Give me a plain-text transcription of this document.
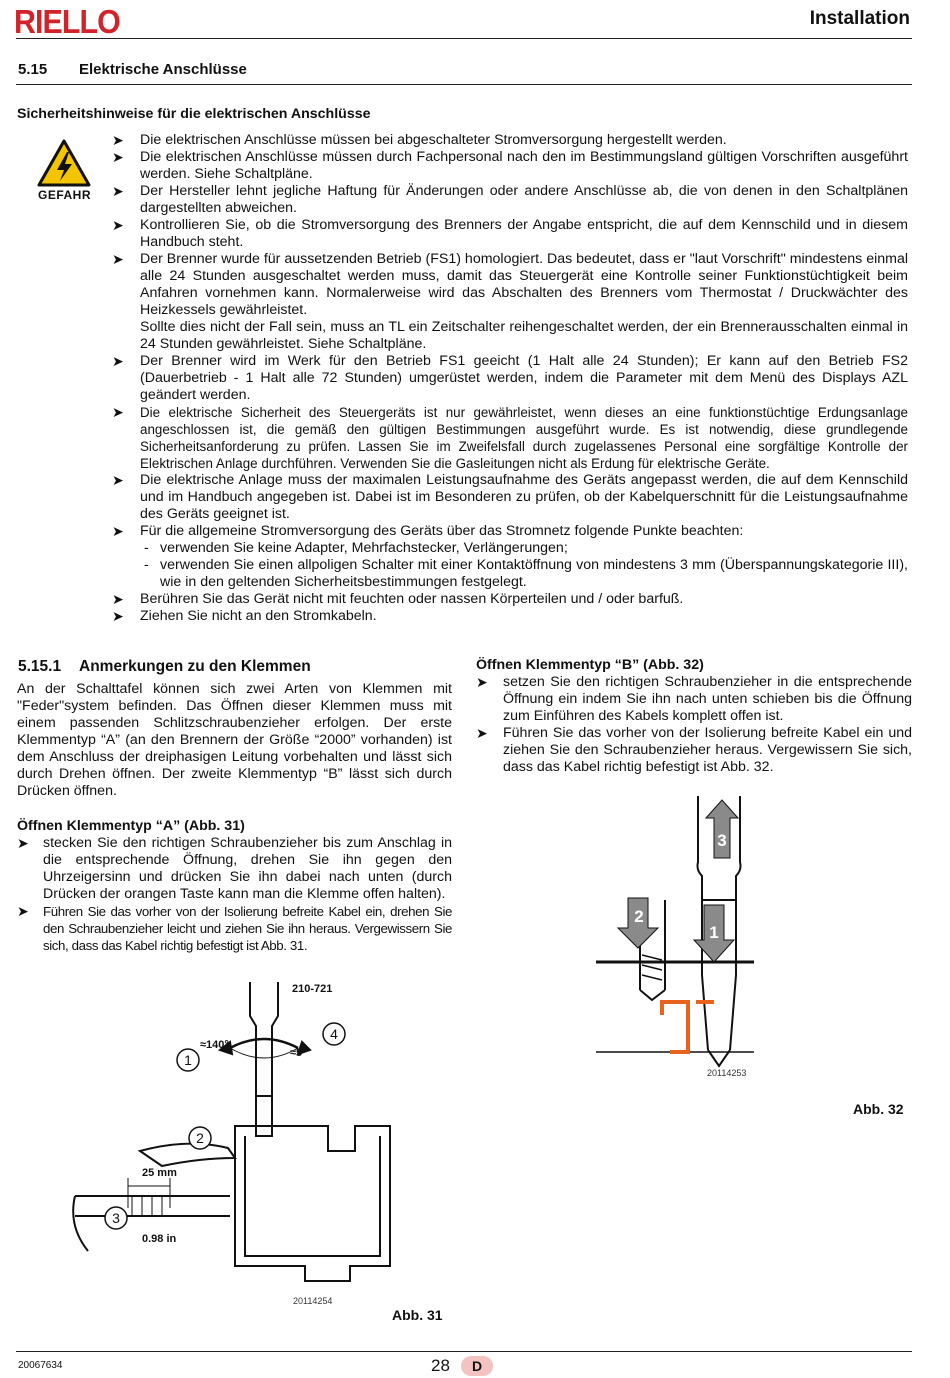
RIELLO	Installation
5.15 Elektrische Anschlüsse
Sicherheitshinweise für die elektrischen Anschlüsse
GEFAHR
➤ Die elektrischen Anschlüsse müssen bei abgeschalteter Stromversorgung hergestellt werden.
➤ Die elektrischen Anschlüsse müssen durch Fachpersonal nach den im Bestimmungsland gültigen Vorschriften ausgeführt werden. Siehe Schaltpläne.
➤ Der Hersteller lehnt jegliche Haftung für Änderungen oder andere Anschlüsse ab, die von denen in den Schaltplänen dargestellten abweichen.
➤ Kontrollieren Sie, ob die Stromversorgung des Brenners der Angabe entspricht, die auf dem Kennschild und in diesem Handbuch steht.
➤ Der Brenner wurde für aussetzenden Betrieb (FS1) homologiert. Das bedeutet, dass er "laut Vorschrift" mindestens einmal alle 24 Stunden ausgeschaltet werden muss, damit das Steuergerät eine Kontrolle seiner Funktionstüchtigkeit beim Anfahren vornehmen kann. Normalerweise wird das Abschalten des Brenners vom Thermostat / Druckwächter des Heizkessels gewährleistet.
Sollte dies nicht der Fall sein, muss an TL ein Zeitschalter reihengeschaltet werden, der ein Brennerausschalten einmal in 24 Stunden gewährleistet. Siehe Schaltpläne.
➤ Der Brenner wird im Werk für den Betrieb FS1 geeicht (1 Halt alle 24 Stunden); Er kann auf den Betrieb FS2 (Dauerbetrieb - 1 Halt alle 72 Stunden) umgerüstet werden, indem die Parameter mit dem Menü des Displays AZL geändert werden.
➤ Die elektrische Sicherheit des Steuergeräts ist nur gewährleistet, wenn dieses an eine funktionstüchtige Erdungsanlage angeschlossen ist, die gemäß den gültigen Bestimmungen ausgeführt wurde. Es ist notwendig, diese grundlegende Sicherheitsanforderung zu prüfen. Lassen Sie im Zweifelsfall durch zugelassenes Personal eine sorgfältige Kontrolle der Elektrischen Anlage durchführen. Verwenden Sie die Gasleitungen nicht als Erdung für elektrische Geräte.
➤ Die elektrische Anlage muss der maximalen Leistungsaufnahme des Geräts angepasst werden, die auf dem Kennschild und im Handbuch angegeben ist. Dabei ist im Besonderen zu prüfen, ob der Kabelquerschnitt für die Leistungsaufnahme des Geräts geeignet ist.
➤ Für die allgemeine Stromversorgung des Geräts über das Stromnetz folgende Punkte beachten:
- verwenden Sie keine Adapter, Mehrfachstecker, Verlängerungen;
- verwenden Sie einen allpoligen Schalter mit einer Kontaktöffnung von mindestens 3 mm (Überspannungskategorie III), wie in den geltenden Sicherheitsbestimmungen festgelegt.
➤ Berühren Sie das Gerät nicht mit feuchten oder nassen Körperteilen und / oder barfuß.
➤ Ziehen Sie nicht an den Stromkabeln.
5.15.1 Anmerkungen zu den Klemmen
An der Schalttafel können sich zwei Arten von Klemmen mit "Feder"system befinden. Das Öffnen dieser Klemmen muss mit einem passenden Schlitzschraubenzieher erfolgen. Der erste Klemmentyp “A” (an den Brennern der Größe “2000” vorhanden) ist dem Anschluss der dreiphasigen Leitung vorbehalten und lässt sich durch Drehen öffnen. Der zweite Klemmentyp “B” lässt sich durch Drücken öffnen.
Öffnen Klemmentyp “A” (Abb. 31)
➤ stecken Sie den richtigen Schraubenzieher bis zum Anschlag in die entsprechende Öffnung, drehen Sie ihn gegen den Uhrzeigersinn und drücken Sie ihn dabei nach unten (durch Drücken der orangen Taste kann man die Klemme offen halten).
➤ Führen Sie das vorher von der Isolierung befreite Kabel ein, drehen Sie den Schraubenzieher leicht und ziehen Sie ihn heraus. Vergewissern Sie sich, dass das Kabel richtig befestigt ist Abb. 31.
Öffnen Klemmentyp “B” (Abb. 32)
➤ setzen Sie den richtigen Schraubenzieher in die entsprechende Öffnung ein indem Sie ihn nach unten schieben bis die Öffnung zum Einführen des Kabels komplett offen ist.
➤ Führen Sie das vorher von der Isolierung befreite Kabel ein und ziehen Sie den Schraubenzieher heraus. Vergewissern Sie sich, dass das Kabel richtig befestigt ist Abb. 32.
3
2
1
20114253
Abb. 32
1
2
3
4
210-721
≈140°
≈5°
25 mm
0.98 in
20114254
Abb. 31
20067634	28	D
